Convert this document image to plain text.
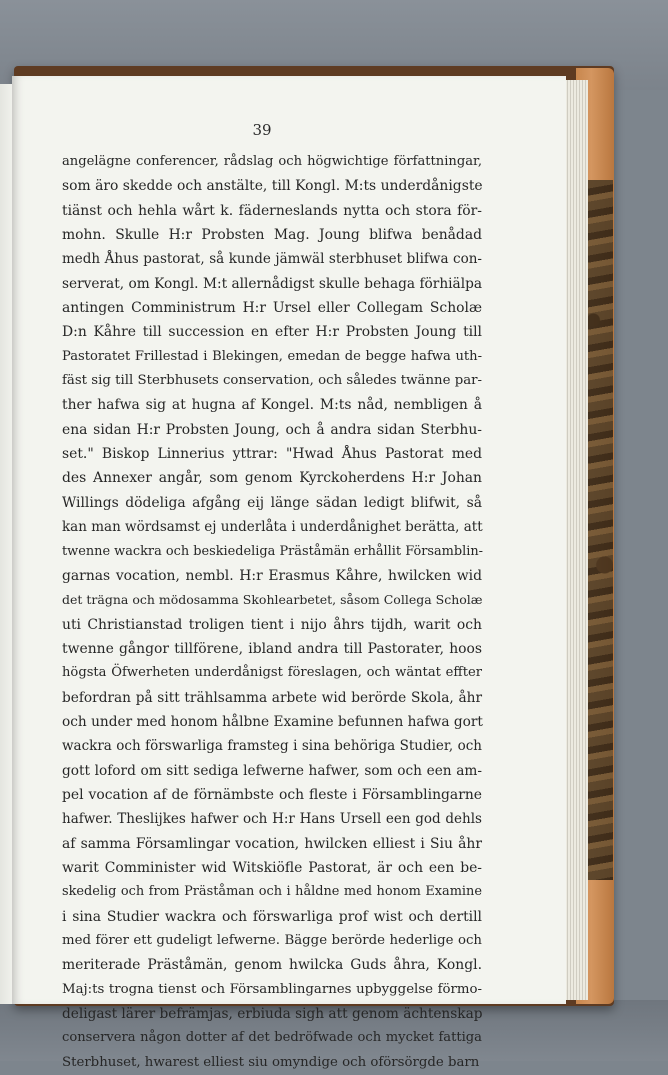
39
angelägne conferencer, rådslag och högwichtige författningar,
som äro skedde och anstälte, till Kongl. M:ts underdånigste
tiänst och hehla wårt k. fäderneslands nytta och stora för-
mohn. Skulle H:r Probsten Mag. Joung blifwa benådad
medh Åhus pastorat, så kunde jämwäl sterbhuset blifwa con-
serverat, om Kongl. M:t allernådigst skulle behaga förhiälpa
antingen Comministrum H:r Ursel eller Collegam Scholæ
D:n Kåhre till succession en efter H:r Probsten Joung till
Pastoratet Frillestad i Blekingen, emedan de begge hafwa uth-
fäst sig till Sterbhusets conservation, och således twänne par-
ther hafwa sig at hugna af Kongel. M:ts nåd, nembligen å
ena sidan H:r Probsten Joung, och å andra sidan Sterbhu-
set." Biskop Linnerius yttrar: "Hwad Åhus Pastorat med
des Annexer angår, som genom Kyrckoherdens H:r Johan
Willings dödeliga afgång eij länge sädan ledigt blifwit, så
kan man wördsamst ej underlåta i underdånighet berätta, att
twenne wackra och beskiedeliga Präståmän erhållit Församblin-
garnas vocation, nembl. H:r Erasmus Kåhre, hwilcken wid
det trägna och mödosamma Skohlearbetet, såsom Collega Scholæ
uti Christianstad troligen tient i nijo åhrs tijdh, warit och
twenne gångor tillförene, ibland andra till Pastorater, hoos
högsta Öfwerheten underdånigst föreslagen, och wäntat effter
befordran på sitt trählsamma arbete wid berörde Skola, åhr
och under med honom hålbne Examine befunnen hafwa gort
wackra och förswarliga framsteg i sina behöriga Studier, och
gott loford om sitt sediga lefwerne hafwer, som och een am-
pel vocation af de förnämbste och fleste i Församblingarne
hafwer. Theslijkes hafwer och H:r Hans Ursell een god dehls
af samma Församlingar vocation, hwilcken elliest i Siu åhr
warit Comminister wid Witskiöfle Pastorat, är och een be-
skedelig och from Präståman och i håldne med honom Examine
i sina Studier wackra och förswarliga prof wist och dertill
med förer ett gudeligt lefwerne. Bägge berörde hederlige och
meriterade Präståmän, genom hwilcka Guds åhra, Kongl.
Maj:ts trogna tienst och Församblingarnes upbyggelse förmo-
deligast lärer befrämjas, erbiuda sigh att genom ächtenskap
conservera någon dotter af det bedröfwade och mycket fattiga
Sterbhuset, hwarest elliest siu omyndige och oförsörgde barn
